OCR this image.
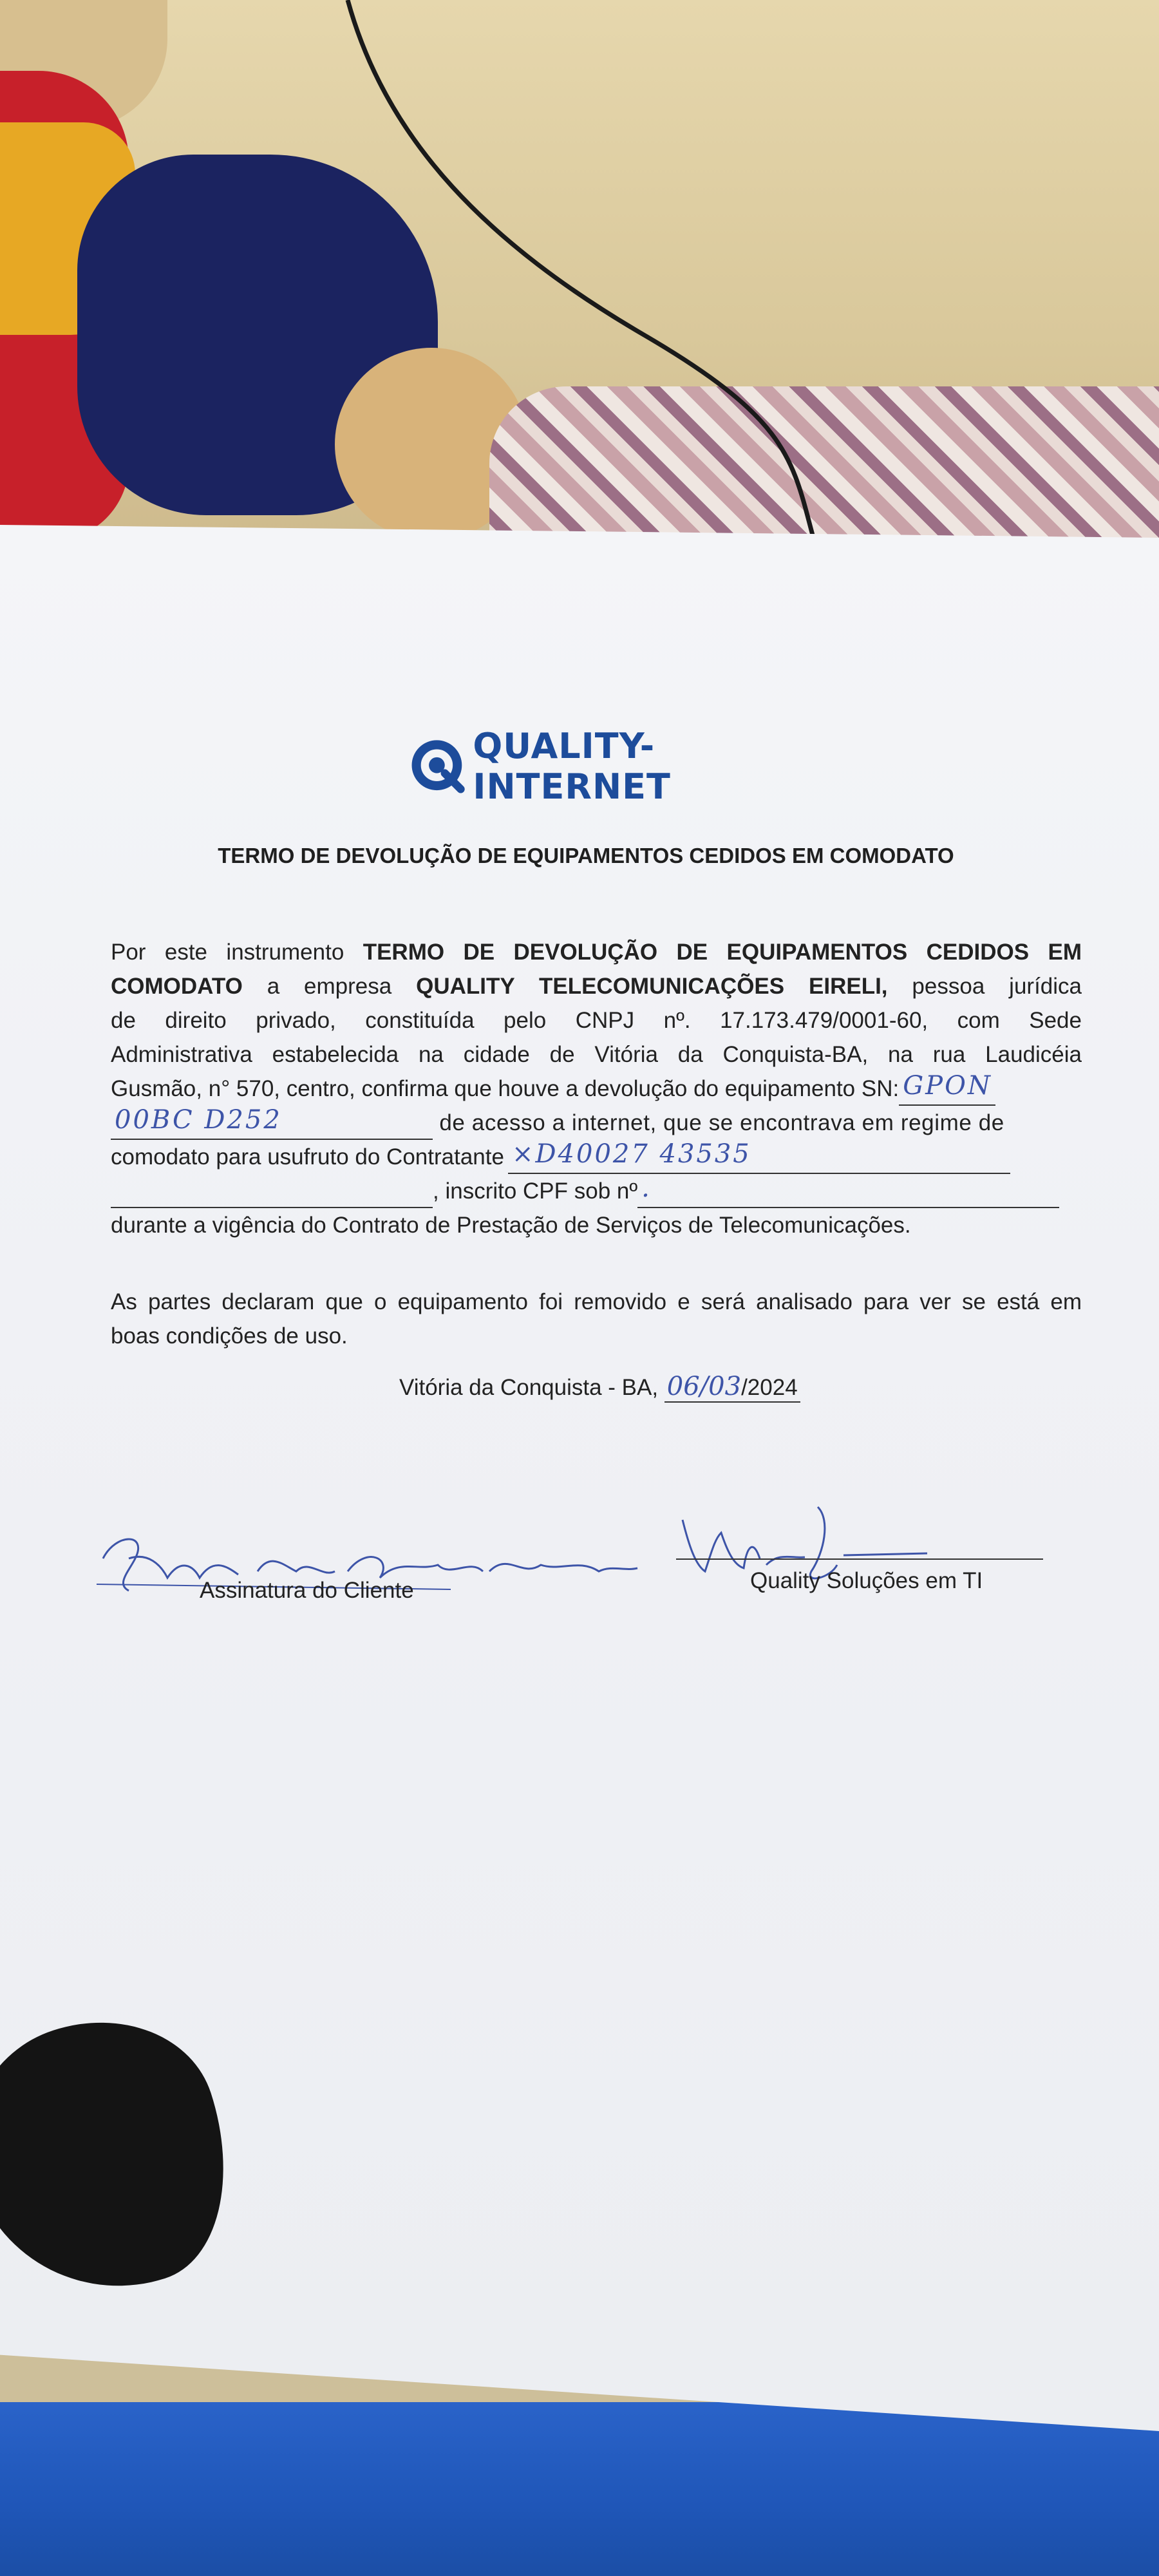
QUALITY-INTERNET
TERMO DE DEVOLUÇÃO DE EQUIPAMENTOS CEDIDOS EM COMODATO
Por este instrumento TERMO DE DEVOLUÇÃO DE EQUIPAMENTOS CEDIDOS EM
COMODATO a empresa QUALITY TELECOMUNICAÇÕES EIRELI, pessoa jurídica
de direito privado, constituída pelo CNPJ nº. 17.173.479/0001-60, com Sede
Administrativa estabelecida na cidade de Vitória da Conquista-BA, na rua Laudicéia
Gusmão, n° 570, centro, confirma que houve a devolução do equipamento SN: GPON
00BC D252	de acesso a internet, que se encontrava em regime de
comodato para usufruto do Contratante ×D40027 43535
, inscrito CPF sob nº .
durante a vigência do Contrato de Prestação de Serviços de Telecomunicações.
As partes declaram que o equipamento foi removido e será analisado para ver se está em
boas condições de uso.
Vitória da Conquista - BA, 06/03/2024
Assinatura do Cliente	Quality Soluções em TI
